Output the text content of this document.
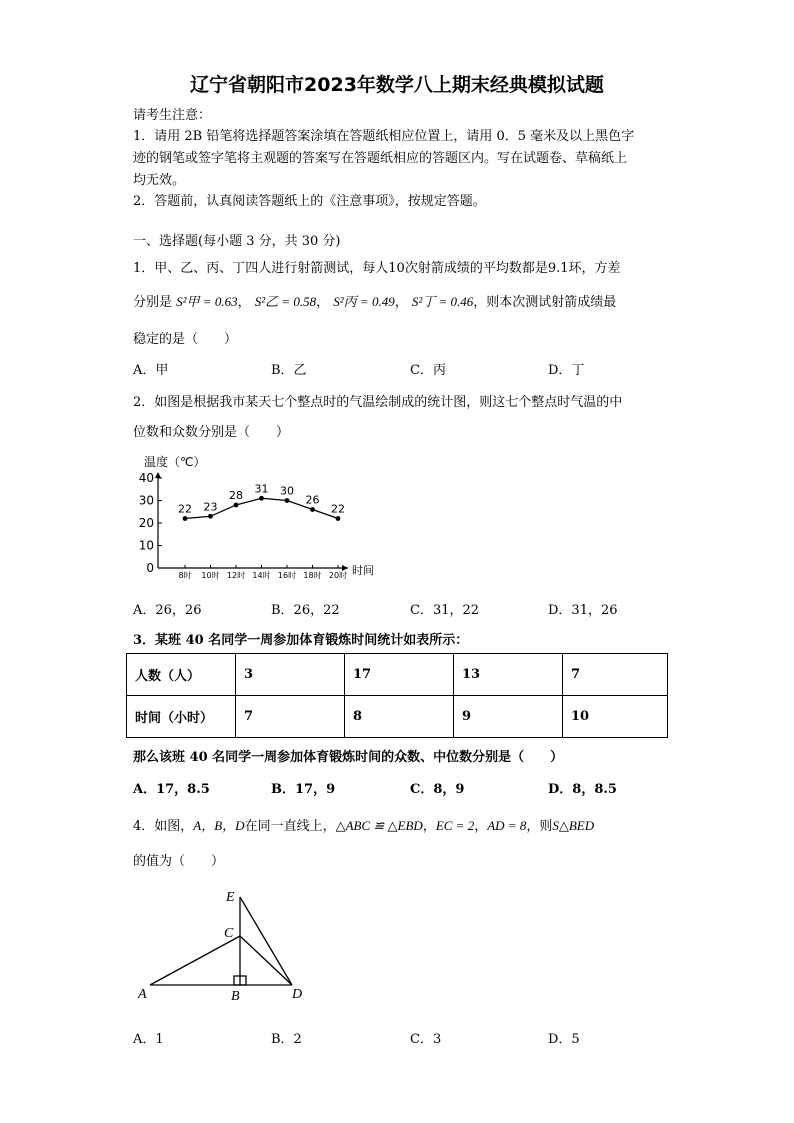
辽宁省朝阳市2023年数学八上期末经典模拟试题
请考生注意：
1．请用 2B 铅笔将选择题答案涂填在答题纸相应位置上，请用 0．5 毫米及以上黑色字
迹的钢笔或签字笔将主观题的答案写在答题纸相应的答题区内。写在试题卷、草稿纸上
均无效。
2．答题前，认真阅读答题纸上的《注意事项》，按规定答题。
一、选择题(每小题 3 分，共 30 分)
1．甲、乙、丙、丁四人进行射箭测试，每人10次射箭成绩的平均数都是9.1环，方差
分别是 S²甲 = 0.63， S²乙 = 0.58， S²丙 = 0.49， S²丁 = 0.46，则本次测试射箭成绩最
稳定的是（　　）
A．甲	B．乙	C．丙	D．丁
2．如图是根据我市某天七个整点时的气温绘制成的统计图，则这七个整点时气温的中
位数和众数分别是（　　）
温度（℃）
0
10
20
30
40
8时 10时 12时 14时 16时 18时 20时
22 23
28
31 30
26
22
时间
A．26，26	B．26，22	C．31，22	D．31，26
3．某班 40 名同学一周参加体育锻炼时间统计如表所示：
人数（人）	3	17	13	7
时间（小时）	7	8	9	10
那么该班 40 名同学一周参加体育锻炼时间的众数、中位数分别是（　　）
A．17，8.5	B．17，9	C．8，9	D．8，8.5
4．如图，A，B，D在同一直线上，△ABC ≌ △EBD，EC = 2，AD = 8，则S△BED
的值为（　　）
E
C
A	B	D
A．1	B．2	C．3	D．5
